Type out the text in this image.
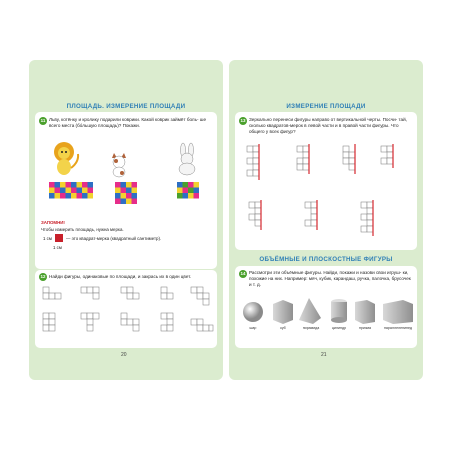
ПЛОЩАДЬ. ИЗМЕРЕНИЕ ПЛОЩАДИ
11 Льву, котёнку и кролику подарили коврики. Какой коврик займёт боль- ше всего места (бóльшую площадь)? Покажи.
ЗАПОМНИ!
Чтобы измерить площадь, нужна мерка.
1 см	— это квадрат-мерка (квадратный сантиметр).
1 см
12 Найди фигуры, одинаковые по площади, и закрась их в один цвет.
20
ИЗМЕРЕНИЕ ПЛОЩАДИ
13 Зеркально перенеси фигуры направо от вертикальной черты. Посчи- тай, сколько квадратов-мерок в левой части и в правой части фигуры. Что общего у всех фигур?
ОБЪЁМНЫЕ И ПЛОСКОСТНЫЕ ФИГУРЫ
14 Рассмотри эти объёмные фигуры. Найди, покажи и назови свои игруш- ки, похожие на них. Например: мяч, кубик, карандаш, ручка, палочка, брусочек и т. д.
шар	куб	пирамида	цилиндр	призма	параллелепипед
21
